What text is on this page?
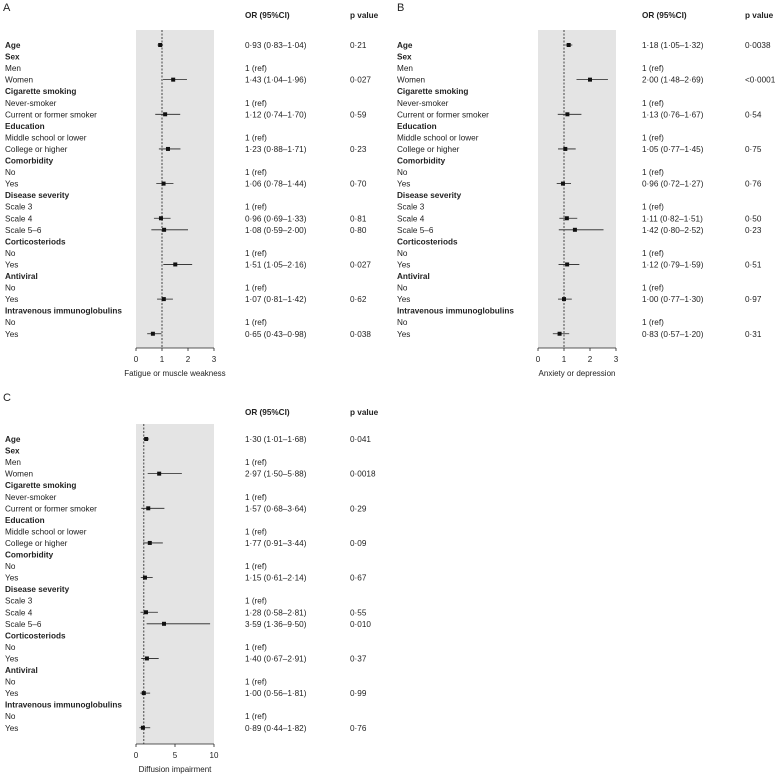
A
OR (95%CI)	p value
Age	0·93 (0·83–1·04)	0·21
Sex
Men	1 (ref)
Women	1·43 (1·04–1·96)	0·027
Cigarette smoking
Never-smoker	1 (ref)
Current or former smoker	1·12 (0·74–1·70)	0·59
Education
Middle school or lower	1 (ref)
College or higher	1·23 (0·88–1·71)	0·23
Comorbidity
No	1 (ref)
Yes	1·06 (0·78–1·44)	0·70
Disease severity
Scale 3	1 (ref)
Scale 4	0·96 (0·69–1·33)	0·81
Scale 5–6	1·08 (0·59–2·00)	0·80
Corticosteriods
No	1 (ref)
Yes	1·51 (1·05–2·16)	0·027
Antiviral
No	1 (ref)
Yes	1·07 (0·81–1·42)	0·62
Intravenous immunoglobulins
No	1 (ref)
Yes	0·65 (0·43–0·98)	0·038
0	1	2	3
Fatigue or muscle weakness
B
OR (95%CI)	p value
Age	1·18 (1·05–1·32)	0·0038
Sex
Men	1 (ref)
Women	2·00 (1·48–2·69)	<0·0001
Cigarette smoking
Never-smoker	1 (ref)
Current or former smoker	1·13 (0·76–1·67)	0·54
Education
Middle school or lower	1 (ref)
College or higher	1·05 (0·77–1·45)	0·75
Comorbidity
No	1 (ref)
Yes	0·96 (0·72–1·27)	0·76
Disease severity
Scale 3	1 (ref)
Scale 4	1·11 (0·82–1·51)	0·50
Scale 5–6	1·42 (0·80–2·52)	0·23
Corticosteriods
No	1 (ref)
Yes	1·12 (0·79–1·59)	0·51
Antiviral
No	1 (ref)
Yes	1·00 (0·77–1·30)	0·97
Intravenous immunoglobulins
No	1 (ref)
Yes	0·83 (0·57–1·20)	0·31
0	1	2	3
Anxiety or depression
C
OR (95%CI)	p value
Age	1·30 (1·01–1·68)	0·041
Sex
Men	1 (ref)
Women	2·97 (1·50–5·88)	0·0018
Cigarette smoking
Never-smoker	1 (ref)
Current or former smoker	1·57 (0·68–3·64)	0·29
Education
Middle school or lower	1 (ref)
College or higher	1·77 (0·91–3·44)	0·09
Comorbidity
No	1 (ref)
Yes	1·15 (0·61–2·14)	0·67
Disease severity
Scale 3	1 (ref)
Scale 4	1·28 (0·58–2·81)	0·55
Scale 5–6	3·59 (1·36–9·50)	0·010
Corticosteriods
No	1 (ref)
Yes	1·40 (0·67–2·91)	0·37
Antiviral
No	1 (ref)
Yes	1·00 (0·56–1·81)	0·99
Intravenous immunoglobulins
No	1 (ref)
Yes	0·89 (0·44–1·82)	0·76
0	5	10
Diffusion impairment
